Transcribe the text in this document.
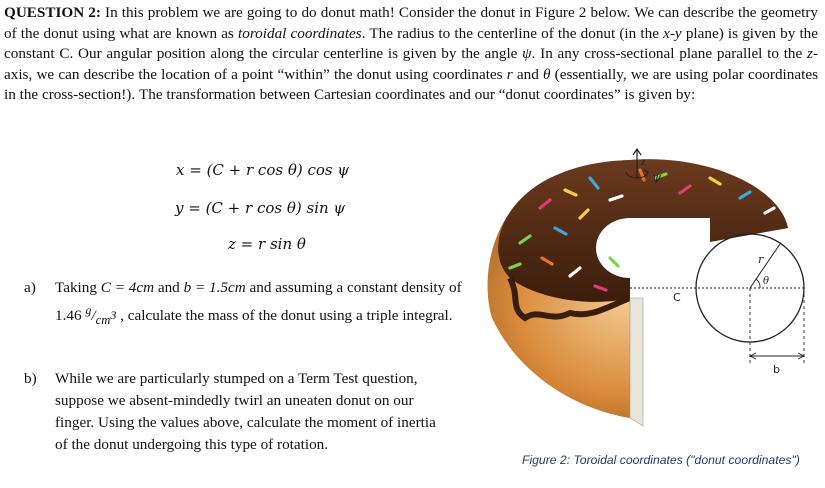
QUESTION 2: In this problem we are going to do donut math! Consider the donut in Figure 2 below. We can describe the geometry of the donut using what are known as toroidal coordinates. The radius to the centerline of the donut (in the x-y plane) is given by the constant C. Our angular position along the circular centerline is given by the angle ψ. In any cross-sectional plane parallel to the z-axis, we can describe the location of a point “within” the donut using coordinates r and θ (essentially, we are using polar coordinates in the cross-section!). The transformation between Cartesian coordinates and our “donut coordinates” is given by:
x = (C + r cos θ) cos ψ
y = (C + r cos θ) sin ψ
z = r sin θ
a) Taking C = 4cm and b = 1.5cm and assuming a constant density of 1.46 $^g/_{cm^3}$ , calculate the mass of the donut using a triple integral.
b) While we are particularly stumped on a Term Test question, suppose we absent-mindedly twirl an uneaten donut on our finger. Using the values above, calculate the moment of inertia of the donut undergoing this type of rotation.
z
ψ
C
r
θ
b
Figure 2: Toroidal coordinates ("donut coordinates")
